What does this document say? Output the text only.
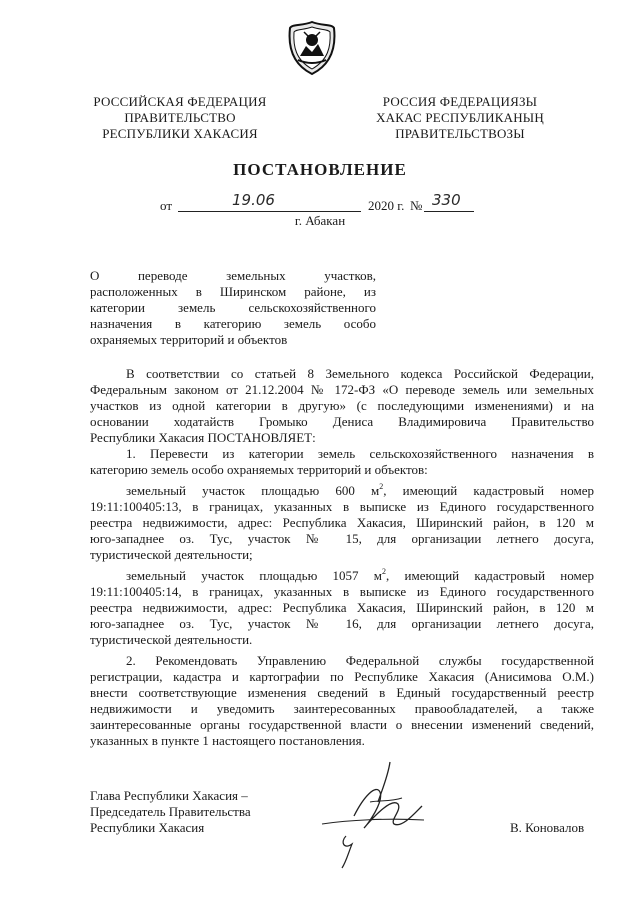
РОССИЙСКАЯ ФЕДЕРАЦИЯ
ПРАВИТЕЛЬСТВО
РЕСПУБЛИКИ ХАКАСИЯ
РОССИЯ ФЕДЕРАЦИЯЗЫ
ХАКАС РЕСПУБЛИКАНЫҢ
ПРАВИТЕЛЬСТВОЗЫ
ПОСТАНОВЛЕНИЕ
от	19.06	2020 г. № 330
г. Абакан
О переводе земельных участков,
расположенных в Ширинском районе, из
категории земель сельскохозяйственного
назначения в категорию земель особо
охраняемых территорий и объектов
В соответствии со статьей 8 Земельного кодекса Российской Федерации,
Федеральным законом от 21.12.2004 № 172-ФЗ «О переводе земель или земельных
участков из одной категории в другую» (с последующими изменениями) и на
основании ходатайств Громыко Дениса Владимировича Правительство
Республики Хакасия ПОСТАНОВЛЯЕТ:
1. Перевести из категории земель сельскохозяйственного назначения в
категорию земель особо охраняемых территорий и объектов:
земельный участок площадью 600 $м^2$, имеющий кадастровый номер
19:11:100405:13, в границах, указанных в выписке из Единого государственного
реестра недвижимости, адрес: Республика Хакасия, Ширинский район, в 120 м
юго-западнее оз. Тус, участок № 15, для организации летнего досуга,
туристической деятельности;
земельный участок площадью 1057 $м^2$, имеющий кадастровый номер
19:11:100405:14, в границах, указанных в выписке из Единого государственного
реестра недвижимости, адрес: Республика Хакасия, Ширинский район, в 120 м
юго-западнее оз. Тус, участок № 16, для организации летнего досуга,
туристической деятельности.
2. Рекомендовать Управлению Федеральной службы государственной
регистрации, кадастра и картографии по Республике Хакасия (Анисимова О.М.)
внести соответствующие изменения сведений в Единый государственный реестр
недвижимости и уведомить заинтересованных правообладателей, а также
заинтересованные органы государственной власти о внесении изменений сведений,
указанных в пункте 1 настоящего постановления.
Глава Республики Хакасия –
Председатель Правительства
Республики Хакасия	В. Коновалов
